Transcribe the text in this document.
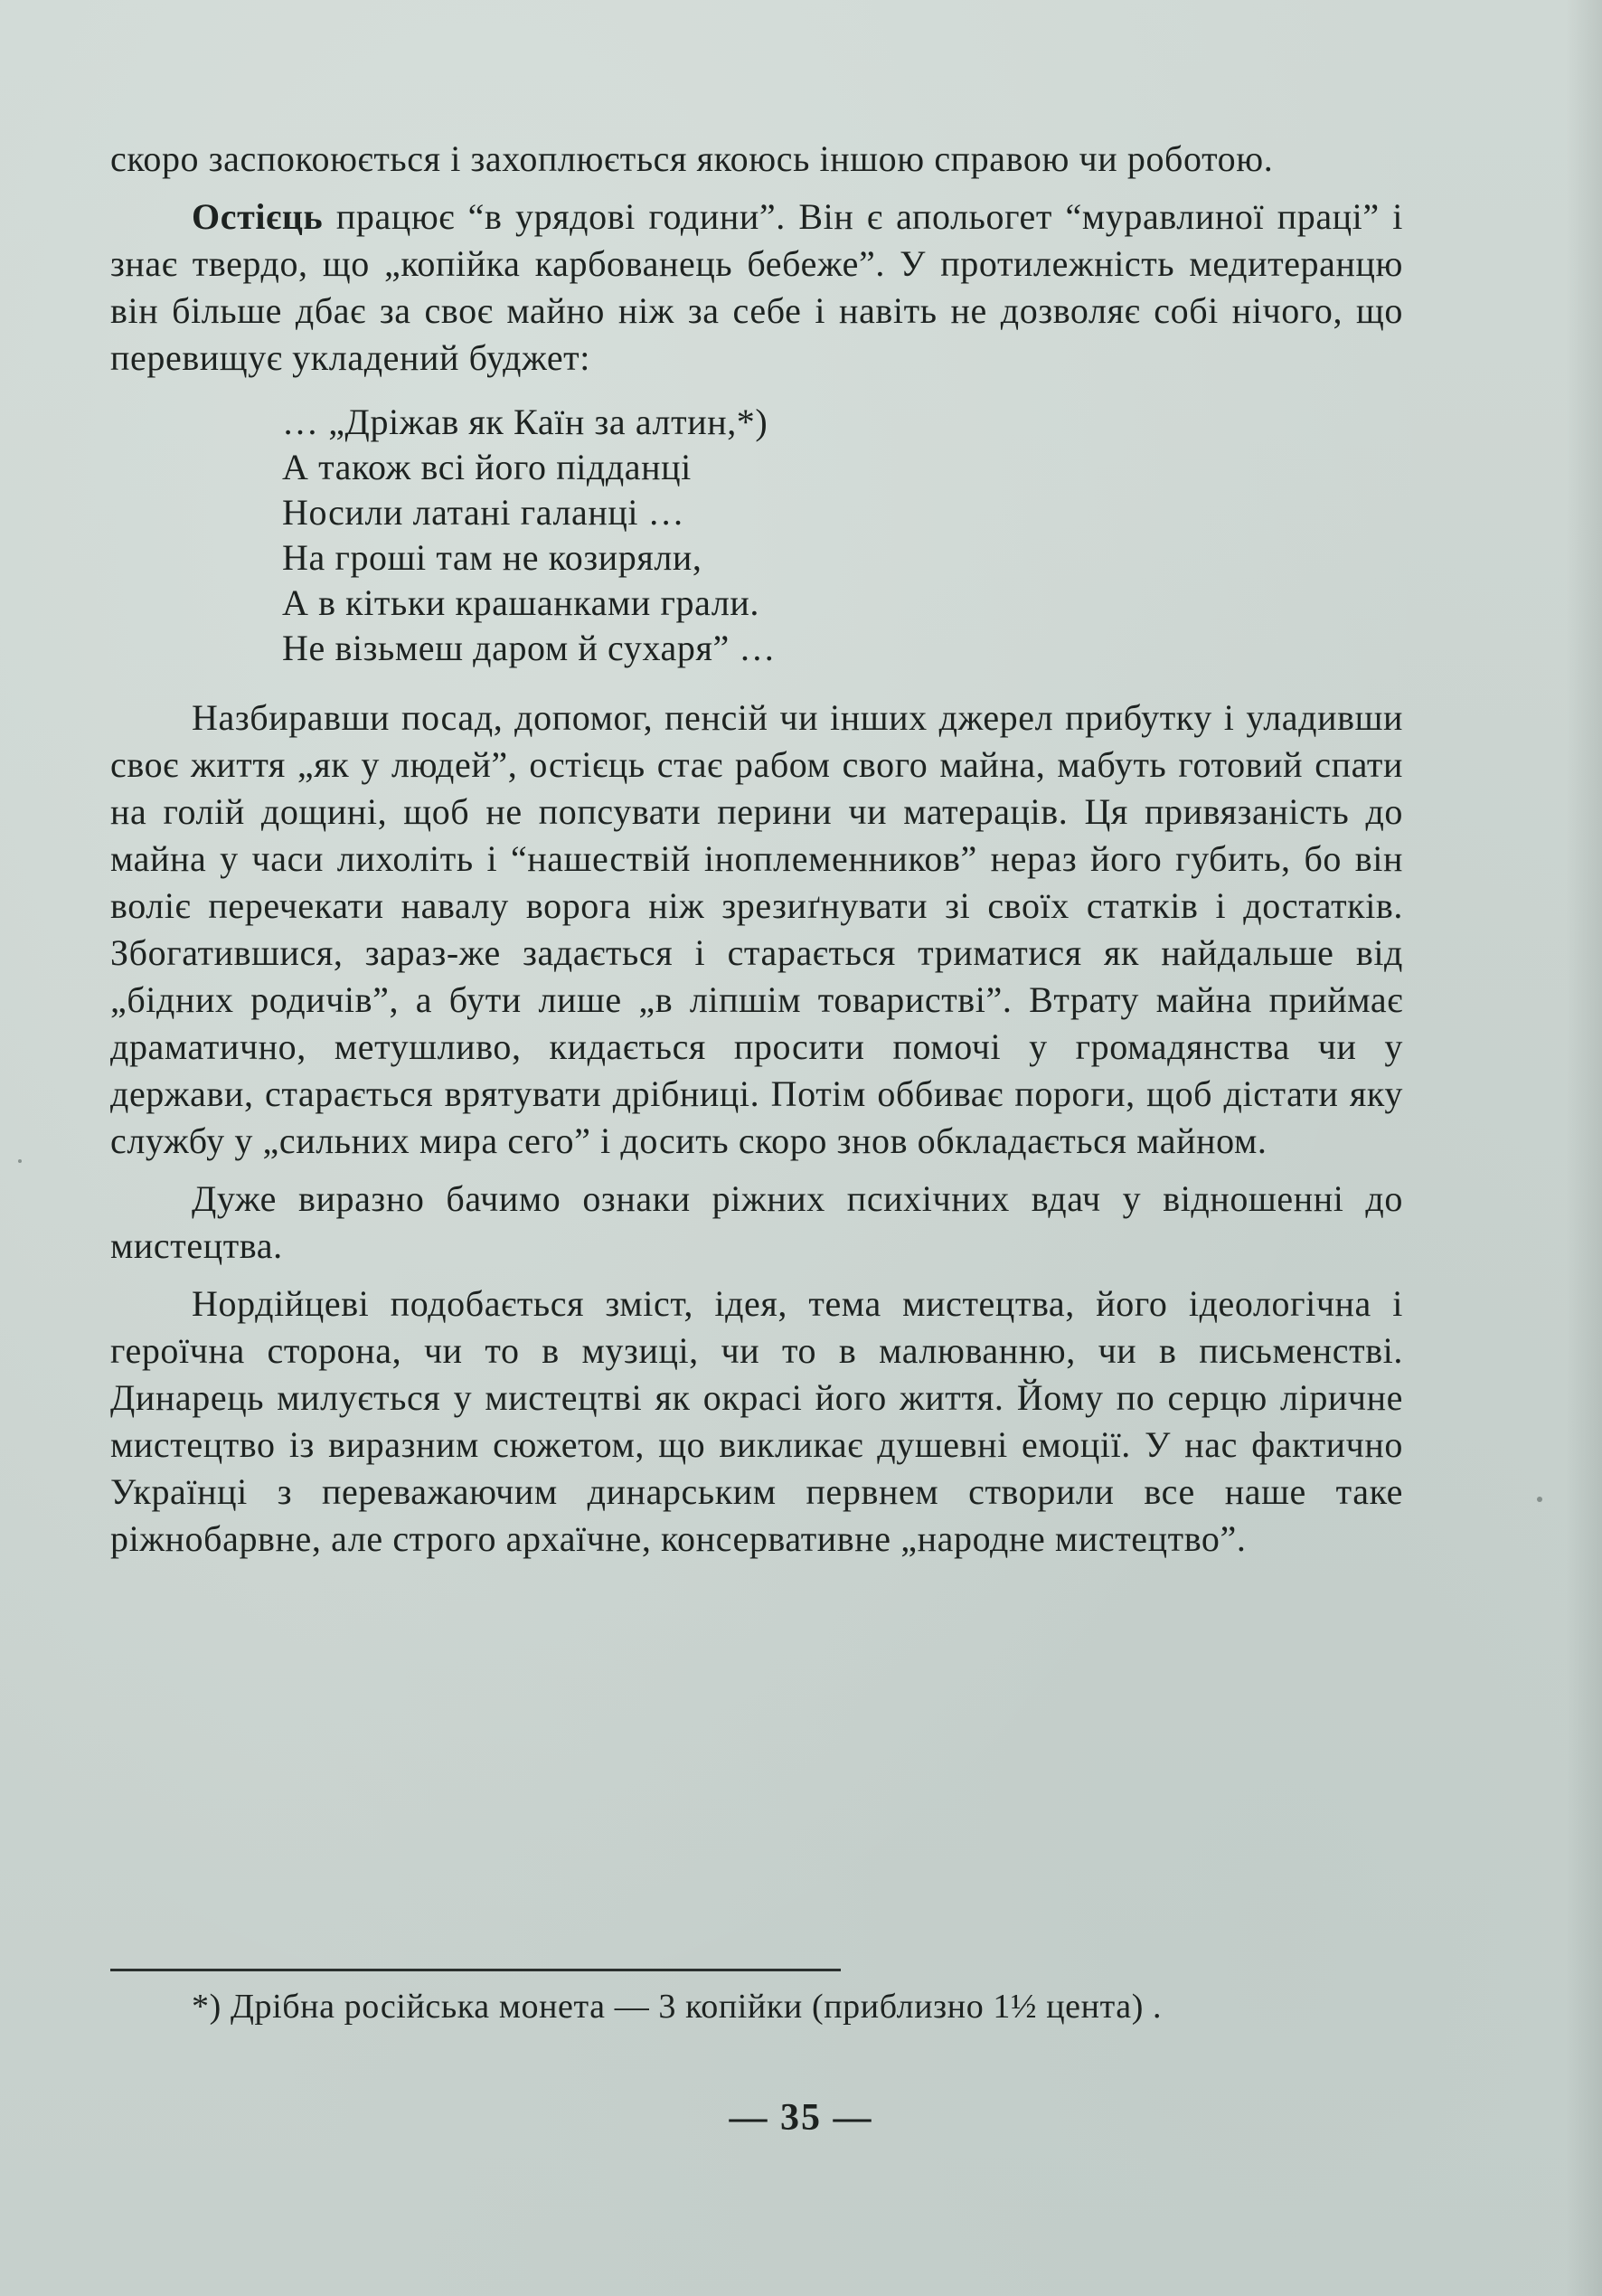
скоро заспокоюється і захоплюється якоюсь іншою справою чи роботою.

Остієць працює “в урядові години”. Він є апольогет “муравлиної праці” і знає твердо, що „копійка карбованець бебеже”. У протилежність медитеранцю він більше дбає за своє майно ніж за себе і навіть не дозволяє собі нічого, що перевищує укладений буджет:

… „Дріжав як Каїн за алтин,*)
А також всі його підданці
Носили латані галанці …
На гроші там не козиряли,
А в кітьки крашанками грали.
Не візьмеш даром й сухаря” …

Назбиравши посад, допомог, пенсій чи інших джерел прибутку і уладивши своє життя „як у людей”, остієць стає рабом свого майна, мабуть готовий спати на голій дощині, щоб не попсувати перини чи матераців. Ця привязаність до майна у часи лихоліть і “нашествій іноплеменников” нераз його губить, бо він воліє перечекати навалу ворога ніж зрезиґнувати зі своїх статків і достатків. Збогатившися, зараз-же задається і старається триматися як найдальше від „бідних родичів”, а бути лише „в ліпшім товаристві”. Втрату майна приймає драматично, метушливо, кидається просити помочі у громадянства чи у держави, старається врятувати дрібниці. Потім оббиває пороги, щоб дістати яку службу у „сильних мира сего” і досить скоро знов обкладається майном.

Дуже виразно бачимо ознаки ріжних психічних вдач у відношенні до мистецтва.

Нордійцеві подобається зміст, ідея, тема мистецтва, його ідеологічна і героїчна сторона, чи то в музиці, чи то в малюванню, чи в письменстві. Динарець милується у мистецтві як окрасі його життя. Йому по серцю ліричне мистецтво із виразним сюжетом, що викликає душевні емоції. У нас фактично Українці з переважаючим динарським первнем створили все наше таке ріжнобарвне, але строго архаїчне, консервативне „народне мистецтво”.

*) Дрібна російська монета — 3 копійки (приблизно 1½ цента) .

— 35 —
